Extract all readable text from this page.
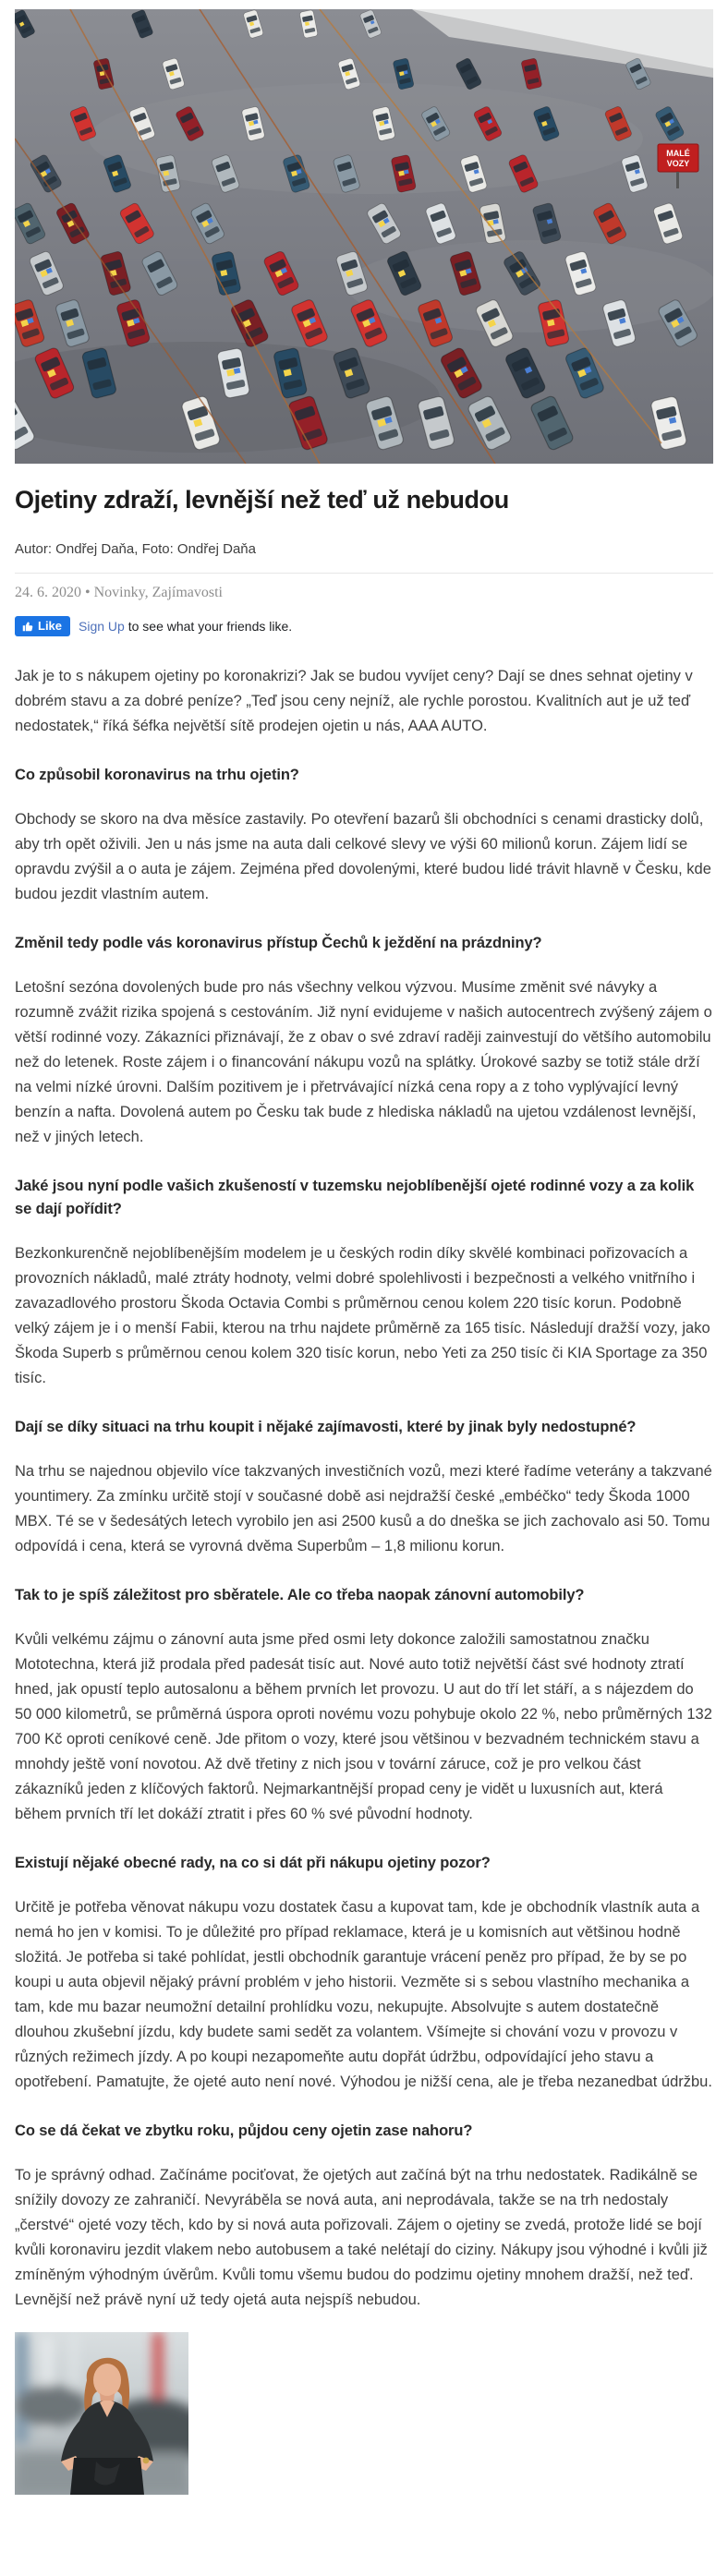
MALÉ
VOZY
Ojetiny zdraží, levnější než teď už nebudou
Autor: Ondřej Daňa, Foto: Ondřej Daňa
24. 6. 2020 • Novinky, Zajímavosti
Like Sign Up to see what your friends like.

Jak je to s nákupem ojetiny po koronakrizi? Jak se budou vyvíjet ceny? Dají se dnes sehnat ojetiny v dobrém stavu a za dobré peníze? „Teď jsou ceny nejníž, ale rychle porostou. Kvalitních aut je už teď nedostatek,“ říká šéfka největší sítě prodejen ojetin u nás, AAA AUTO.

Co způsobil koronavirus na trhu ojetin?

Obchody se skoro na dva měsíce zastavily. Po otevření bazarů šli obchodníci s cenami drasticky dolů, aby trh opět oživili. Jen u nás jsme na auta dali celkové slevy ve výši 60 milionů korun. Zájem lidí se opravdu zvýšil a o auta je zájem. Zejména před dovolenými, které budou lidé trávit hlavně v Česku, kde budou jezdit vlastním autem.

Změnil tedy podle vás koronavirus přístup Čechů k ježdění na prázdniny?

Letošní sezóna dovolených bude pro nás všechny velkou výzvou. Musíme změnit své návyky a rozumně zvážit rizika spojená s cestováním. Již nyní evidujeme v našich autocentrech zvýšený zájem o větší rodinné vozy. Zákazníci přiznávají, že z obav o své zdraví raději zainvestují do většího automobilu než do letenek. Roste zájem i o financování nákupu vozů na splátky. Úrokové sazby se totiž stále drží na velmi nízké úrovni. Dalším pozitivem je i přetrvávající nízká cena ropy a z toho vyplývající levný benzín a nafta. Dovolená autem po Česku tak bude z hlediska nákladů na ujetou vzdálenost levnější, než v jiných letech.

Jaké jsou nyní podle vašich zkušeností v tuzemsku nejoblíbenější ojeté rodinné vozy a za kolik se dají pořídit?

Bezkonkurenčně nejoblíbenějším modelem je u českých rodin díky skvělé kombinaci pořizovacích a provozních nákladů, malé ztráty hodnoty, velmi dobré spolehlivosti i bezpečnosti a velkého vnitřního i zavazadlového prostoru Škoda Octavia Combi s průměrnou cenou kolem 220 tisíc korun. Podobně velký zájem je i o menší Fabii, kterou na trhu najdete průměrně za 165 tisíc. Následují dražší vozy, jako Škoda Superb s průměrnou cenou kolem 320 tisíc korun, nebo Yeti za 250 tisíc či KIA Sportage za 350 tisíc.

Dají se díky situaci na trhu koupit i nějaké zajímavosti, které by jinak byly nedostupné?

Na trhu se najednou objevilo více takzvaných investičních vozů, mezi které řadíme veterány a takzvané yountimery. Za zmínku určitě stojí v současné době asi nejdražší české „embéčko“ tedy Škoda 1000 MBX. Té se v šedesátých letech vyrobilo jen asi 2500 kusů a do dneška se jich zachovalo asi 50. Tomu odpovídá i cena, která se vyrovná dvěma Superbům – 1,8 milionu korun.

Tak to je spíš záležitost pro sběratele. Ale co třeba naopak zánovní automobily?

Kvůli velkému zájmu o zánovní auta jsme před osmi lety dokonce založili samostatnou značku Mototechna, která již prodala před padesát tisíc aut. Nové auto totiž největší část své hodnoty ztratí hned, jak opustí teplo autosalonu a během prvních let provozu. U aut do tří let stáří, a s nájezdem do 50 000 kilometrů, se průměrná úspora oproti novému vozu pohybuje okolo 22 %, nebo průměrných 132 700 Kč oproti ceníkové ceně. Jde přitom o vozy, které jsou většinou v bezvadném technickém stavu a mnohdy ještě voní novotou. Až dvě třetiny z nich jsou v tovární záruce, což je pro velkou část zákazníků jeden z klíčových faktorů. Nejmarkantnější propad ceny je vidět u luxusních aut, která během prvních tří let dokáží ztratit i přes 60 % své původní hodnoty.

Existují nějaké obecné rady, na co si dát při nákupu ojetiny pozor?

Určitě je potřeba věnovat nákupu vozu dostatek času a kupovat tam, kde je obchodník vlastník auta a nemá ho jen v komisi. To je důležité pro případ reklamace, která je u komisních aut většinou hodně složitá. Je potřeba si také pohlídat, jestli obchodník garantuje vrácení peněz pro případ, že by se po koupi u auta objevil nějaký právní problém v jeho historii. Vezměte si s sebou vlastního mechanika a tam, kde mu bazar neumožní detailní prohlídku vozu, nekupujte. Absolvujte s autem dostatečně dlouhou zkušební jízdu, kdy budete sami sedět za volantem. Všímejte si chování vozu v provozu v různých režimech jízdy. A po koupi nezapomeňte autu dopřát údržbu, odpovídající jeho stavu a opotřebení. Pamatujte, že ojeté auto není nové. Výhodou je nižší cena, ale je třeba nezanedbat údržbu.

Co se dá čekat ve zbytku roku, půjdou ceny ojetin zase nahoru?

To je správný odhad. Začínáme pociťovat, že ojetých aut začíná být na trhu nedostatek. Radikálně se snížily dovozy ze zahraničí. Nevyráběla se nová auta, ani neprodávala, takže se na trh nedostaly „čerstvé“ ojeté vozy těch, kdo by si nová auta pořizovali. Zájem o ojetiny se zvedá, protože lidé se bojí kvůli koronaviru jezdit vlakem nebo autobusem a také nelétají do ciziny. Nákupy jsou výhodné i kvůli již zmíněným výhodným úvěrům. Kvůli tomu všemu budou do podzimu ojetiny mnohem dražší, než teď. Levnější než právě nyní už tedy ojetá auta nejspíš nebudou.
